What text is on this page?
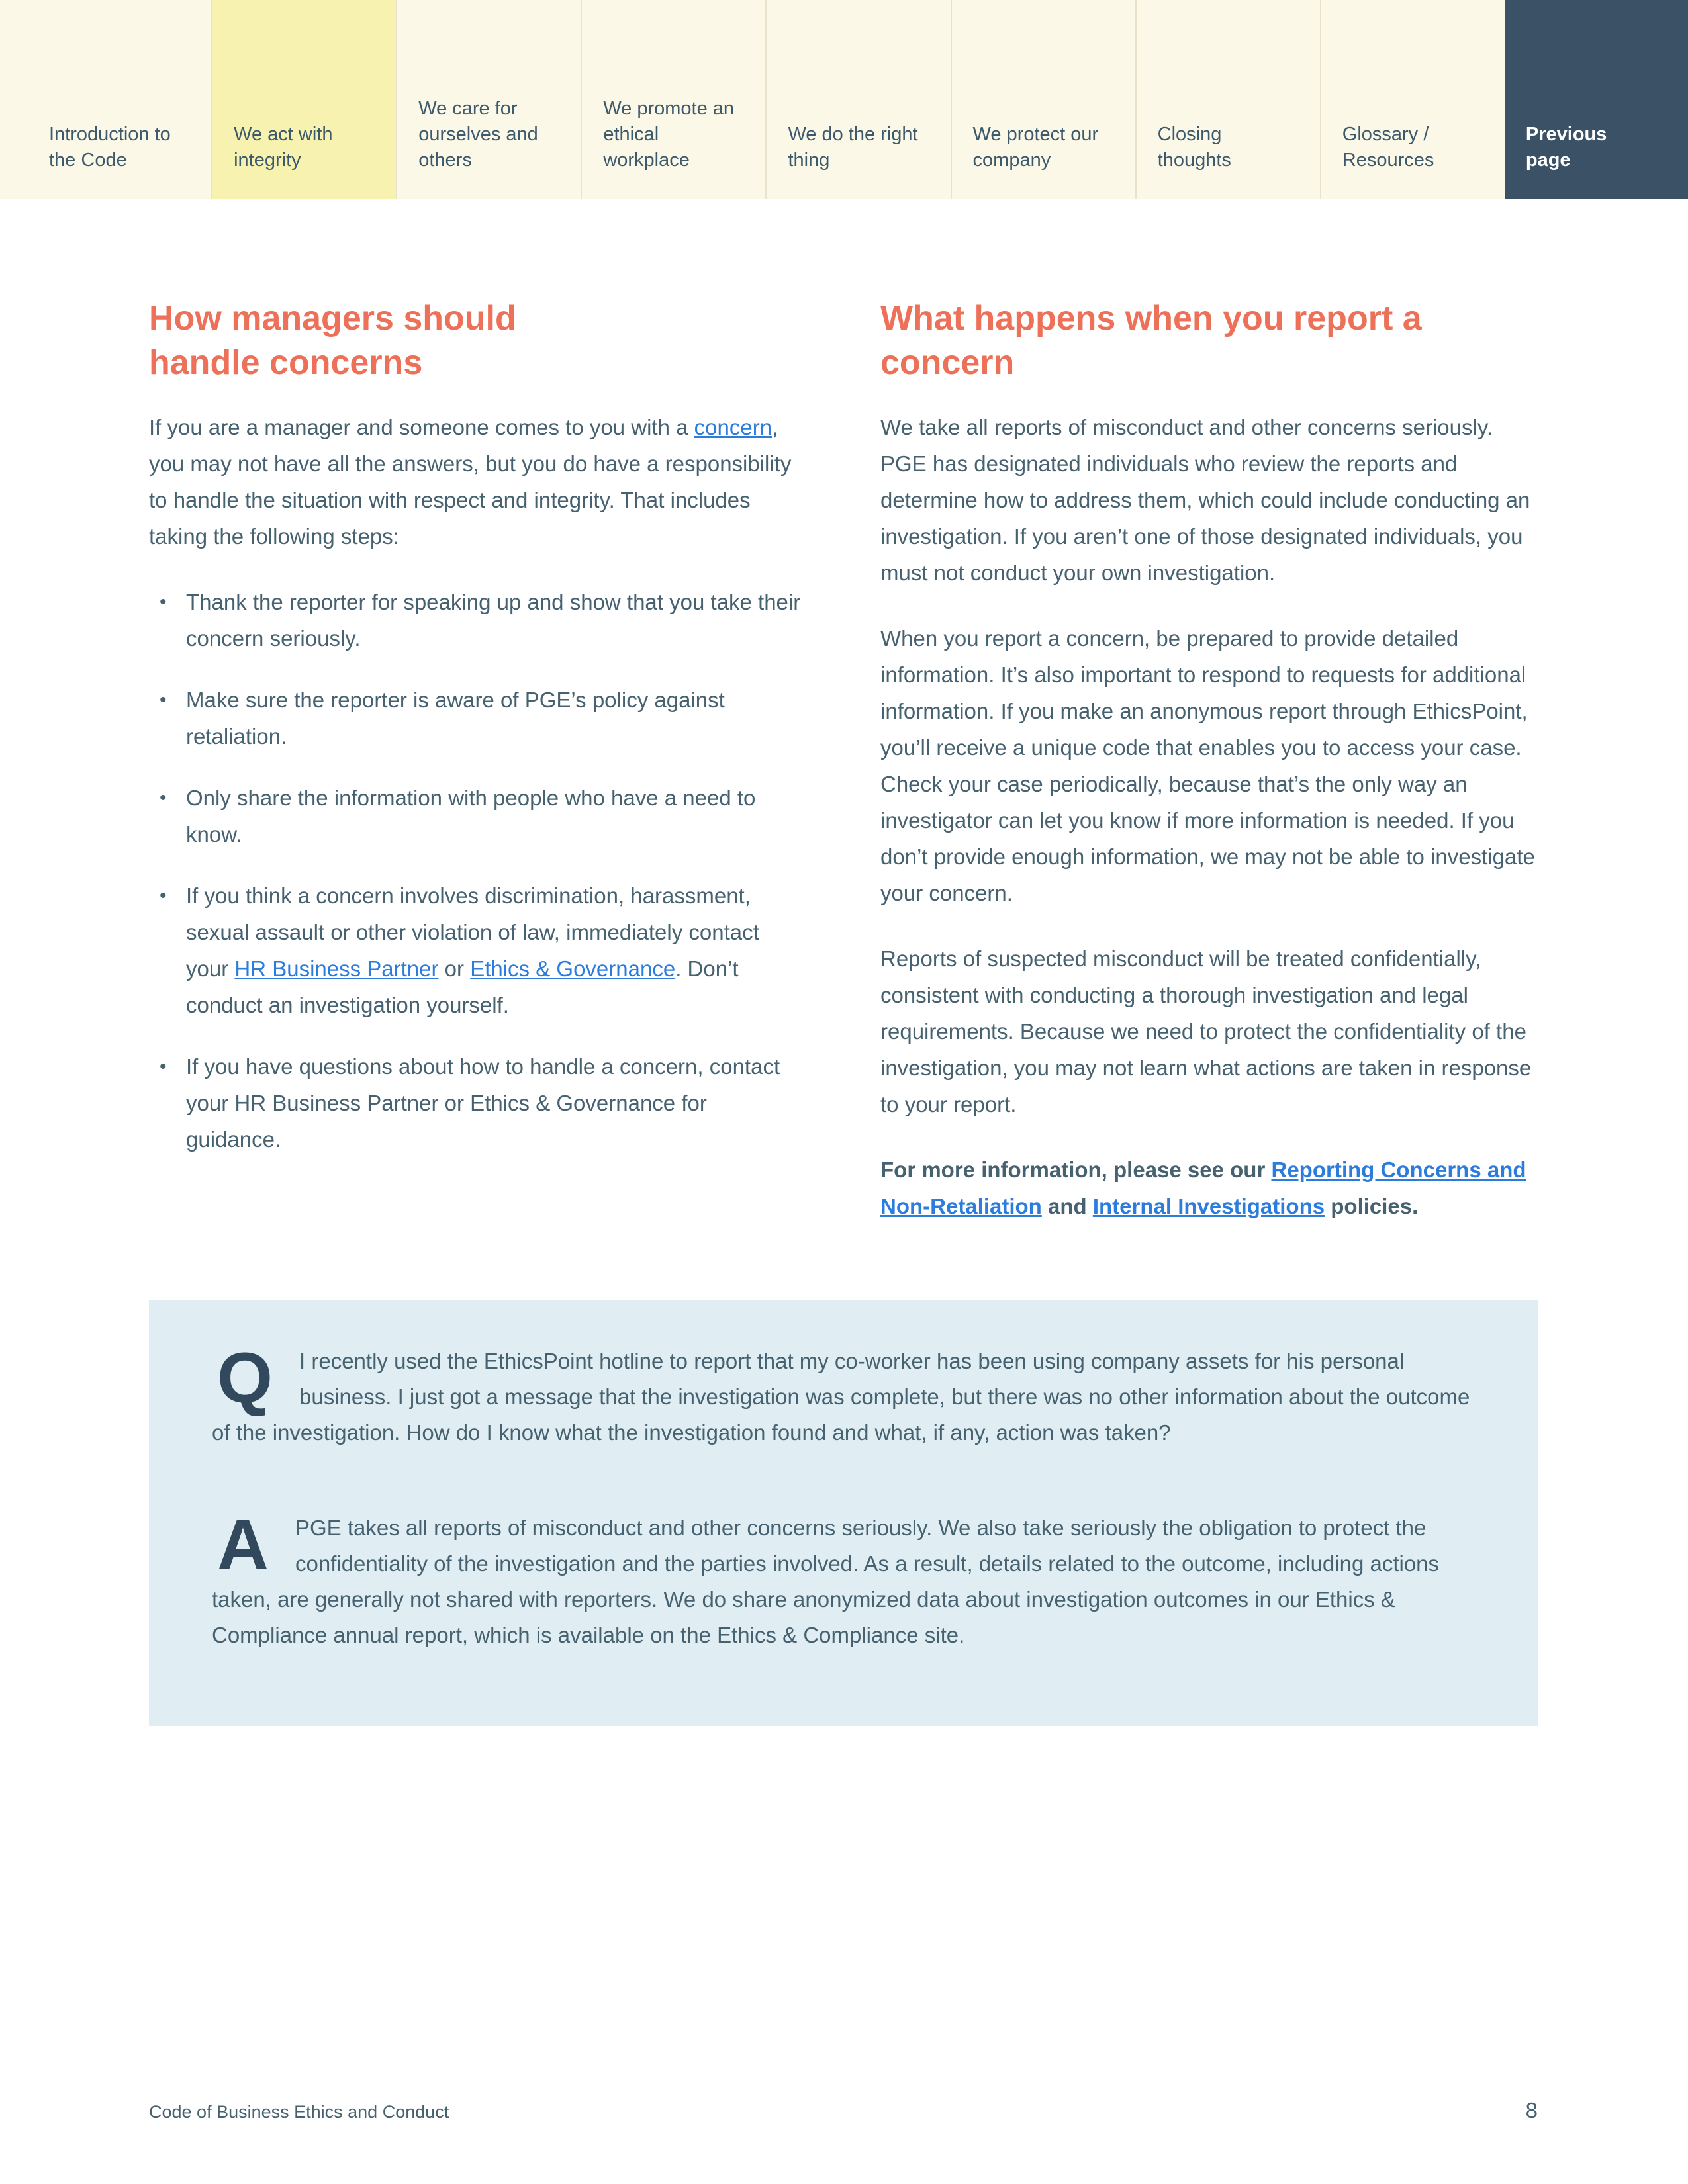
Introduction to the Code
We act with integrity
We care for ourselves and others
We promote an ethical workplace
We do the right thing
We protect our company
Closing thoughts
Glossary / Resources
Previous page
How managers should handle concerns

If you are a manager and someone comes to you with a concern, you may not have all the answers, but you do have a responsibility to handle the situation with respect and integrity. That includes taking the following steps:

• Thank the reporter for speaking up and show that you take their concern seriously.
• Make sure the reporter is aware of PGE’s policy against retaliation.
• Only share the information with people who have a need to know.
• If you think a concern involves discrimination, harassment, sexual assault or other violation of law, immediately contact your HR Business Partner or Ethics & Governance. Don’t conduct an investigation yourself.
• If you have questions about how to handle a concern, contact your HR Business Partner or Ethics & Governance for guidance.
What happens when you report a concern

We take all reports of misconduct and other concerns seriously. PGE has designated individuals who review the reports and determine how to address them, which could include conducting an investigation. If you aren’t one of those designated individuals, you must not conduct your own investigation.

When you report a concern, be prepared to provide detailed information. It’s also important to respond to requests for additional information. If you make an anonymous report through EthicsPoint, you’ll receive a unique code that enables you to access your case. Check your case periodically, because that’s the only way an investigator can let you know if more information is needed. If you don’t provide enough information, we may not be able to investigate your concern.

Reports of suspected misconduct will be treated confidentially, consistent with conducting a thorough investigation and legal requirements. Because we need to protect the confidentiality of the investigation, you may not learn what actions are taken in response to your report.

For more information, please see our Reporting Concerns and Non-Retaliation and Internal Investigations policies.

Q I recently used the EthicsPoint hotline to report that my co-worker has been using company assets for his personal business. I just got a message that the investigation was complete, but there was no other information about the outcome of the investigation. How do I know what the investigation found and what, if any, action was taken?
A PGE takes all reports of misconduct and other concerns seriously. We also take seriously the obligation to protect the confidentiality of the investigation and the parties involved. As a result, details related to the outcome, including actions taken, are generally not shared with reporters. We do share anonymized data about investigation outcomes in our Ethics & Compliance annual report, which is available on the Ethics & Compliance site.
Code of Business Ethics and Conduct	8
